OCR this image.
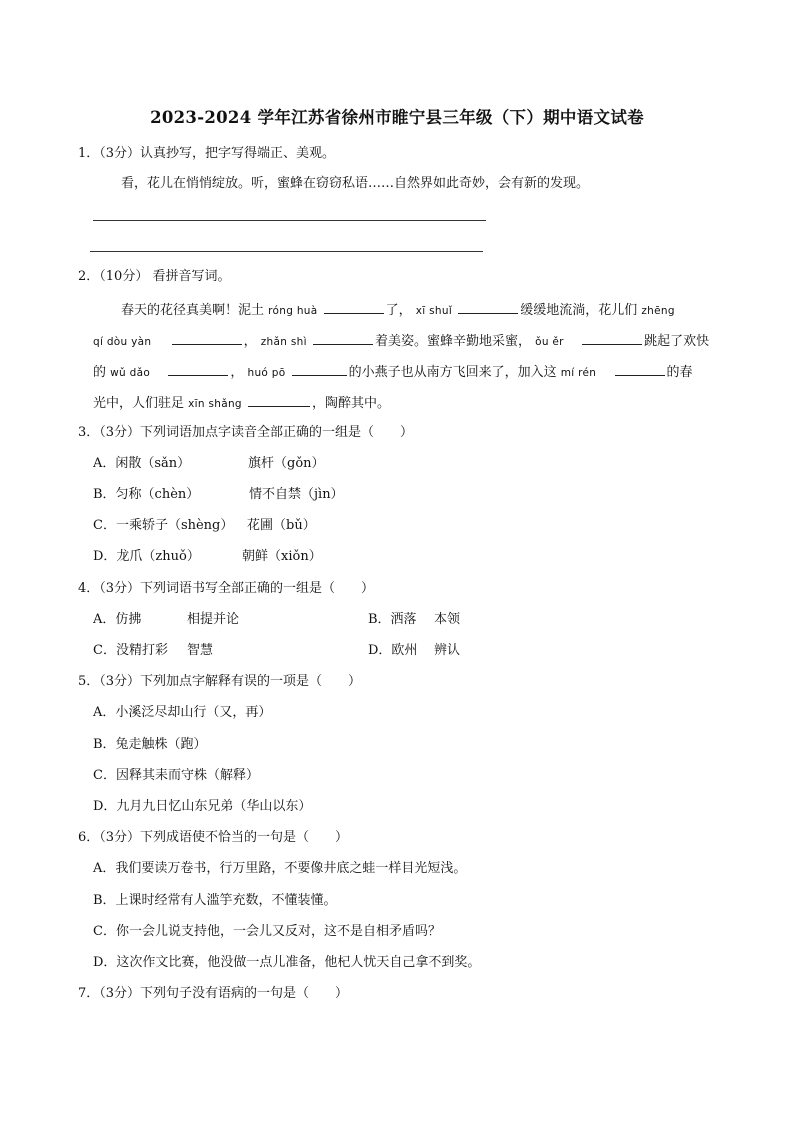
2023-2024 学年江苏省徐州市睢宁县三年级（下）期中语文试卷
1．（3分）认真抄写，把字写得端正、美观。
看，花儿在悄悄绽放。听，蜜蜂在窃窃私语……自然界如此奇妙，会有新的发现。
2．（10分） 看拼音写词。
春天的花径真美啊！泥土 róng huà	了， xī shuǐ	缓缓地流淌，花儿们 zhēng
qí dòu yàn	， zhǎn shì	着美姿。蜜蜂辛勤地采蜜， ǒu ěr	跳起了欢快
的 wǔ dǎo	， huó pō	的小燕子也从南方飞回来了，加入这 mí rén	的春
光中，人们驻足 xīn shǎng	，陶醉其中。
3．（3分）下列词语加点字读音全部正确的一组是（　　）
A．闲散（sǎn）	旗杆（gǒn）
B．匀称（chèn）	情不自禁（jìn）
C．一乘轿子（shèng） 花圃（bǔ）
D．龙爪（zhuǒ）	朝鲜（xiǒn）
4．（3分）下列词语书写全部正确的一组是（　　）
A．仿拂	相提并论	B．洒落 本领
C．没精打彩 智慧	D．欧州 辨认
5．（3分）下列加点字解释有误的一项是（　　）
A．小溪泛尽却山行（又，再）
B．兔走触株（跑）
C．因释其耒而守株（解释）
D．九月九日忆山东兄弟（华山以东）
6．（3分）下列成语使不恰当的一句是（　　）
A．我们要读万卷书，行万里路，不要像井底之蛙一样目光短浅。
B．上课时经常有人滥竽充数，不懂装懂。
C．你一会儿说支持他，一会儿又反对，这不是自相矛盾吗？
D．这次作文比赛，他没做一点儿准备，他杞人忧天自己拿不到奖。
7．（3分）下列句子没有语病的一句是（　　）
